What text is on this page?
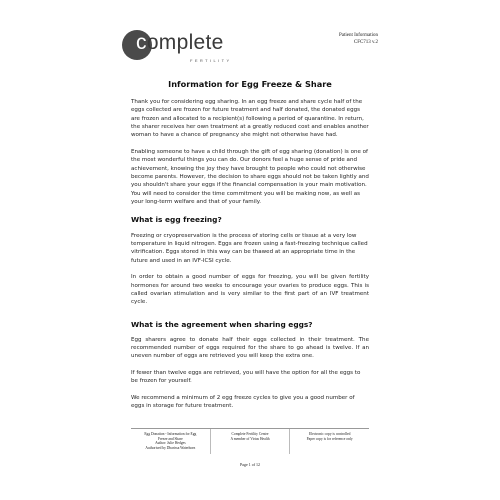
complete
FERTILITY
Patient Information
CFC713 v.2
Information for Egg Freeze & Share

Thank you for considering egg sharing. In an egg freeze and share cycle half of the eggs collected are frozen for future treatment and half donated, the donated eggs are frozen and allocated to a recipient(s) following a period of quarantine. In return, the sharer receives her own treatment at a greatly reduced cost and enables another woman to have a chance of pregnancy she might not otherwise have had.

Enabling someone to have a child through the gift of egg sharing (donation) is one of the most wonderful things you can do. Our donors feel a huge sense of pride and achievement, knowing the joy they have brought to people who could not otherwise become parents. However, the decision to share eggs should not be taken lightly and you shouldn't share your eggs if the financial compensation is your main motivation. You will need to consider the time commitment you will be making now, as well as your long-term welfare and that of your family.

What is egg freezing?

Freezing or cryopreservation is the process of storing cells or tissue at a very low temperature in liquid nitrogen. Eggs are frozen using a fast-freezing technique called vitrification. Eggs stored in this way can be thawed at an appropriate time in the future and used in an IVF-ICSI cycle.

In order to obtain a good number of eggs for freezing, you will be given fertility hormones for around two weeks to encourage your ovaries to produce eggs. This is called ovarian stimulation and is very similar to the first part of an IVF treatment cycle.

What is the agreement when sharing eggs?

Egg sharers agree to donate half their eggs collected in their treatment. The recommended number of eggs required for the share to go ahead is twelve. If an uneven number of eggs are retrieved you will keep the extra one.

If fewer than twelve eggs are retrieved, you will have the option for all the eggs to be frozen for yourself.

We recommend a minimum of 2 egg freeze cycles to give you a good number of eggs in storage for future treatment.

Egg Donation - Information for Egg
Freeze and Share
Author: Julie Hedges
Authorised by Dharissa Waterhorn
Complete Fertility Centre
A member of Virtus Health
Electronic copy is controlled
Paper copy is for reference only
Page 1 of 12
